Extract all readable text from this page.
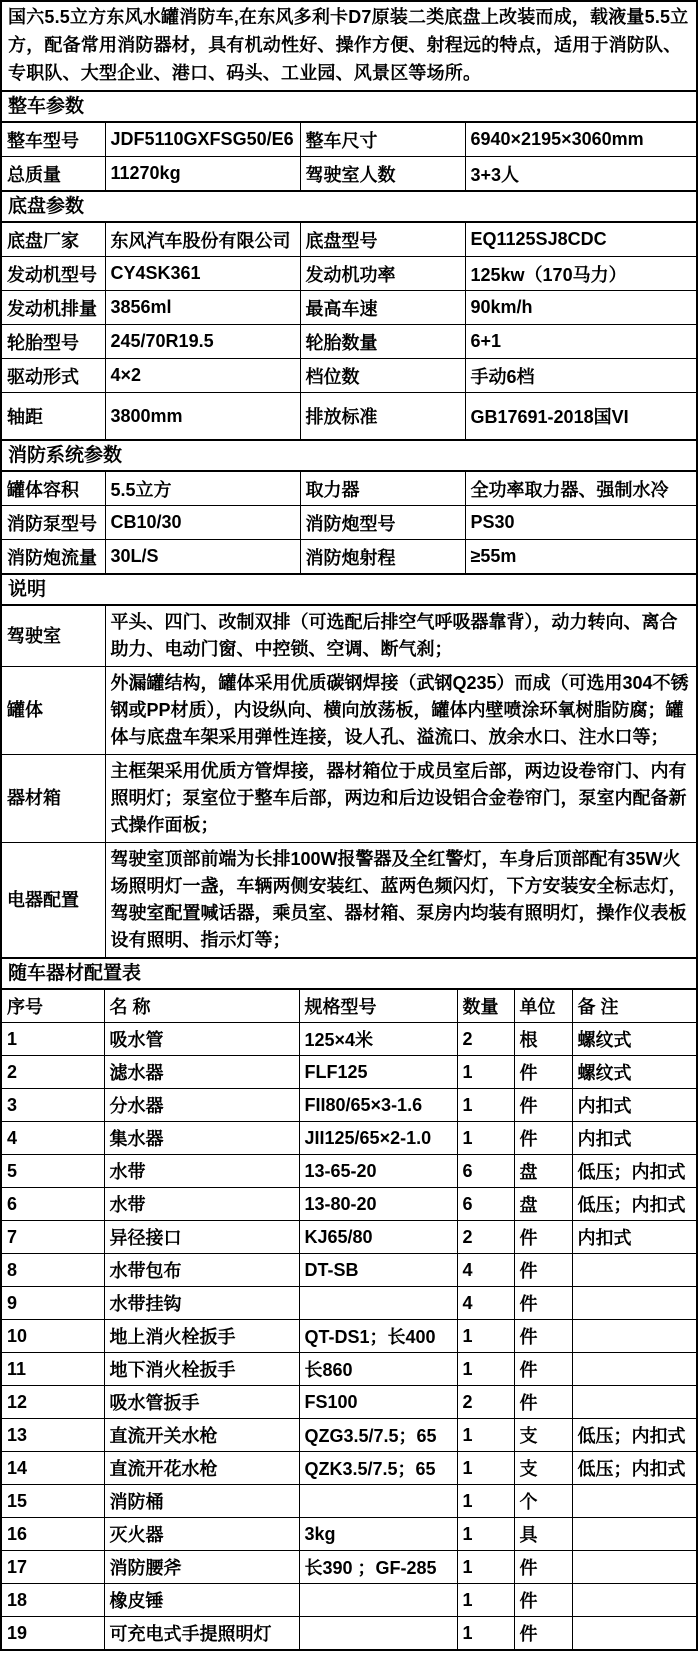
国六5.5立方东风水罐消防车,在东风多利卡D7原装二类底盘上改装而成，载液量5.5立方，配备常用消防器材，具有机动性好、操作方便、射程远的特点，适用于消防队、专职队、大型企业、港口、码头、工业园、风景区等场所。
整车参数
整车型号	JDF5110GXFSG50/E6	整车尺寸	6940×2195×3060mm
总质量	11270kg	驾驶室人数	3+3人
底盘参数
底盘厂家	东风汽车股份有限公司	底盘型号	EQ1125SJ8CDC
发动机型号	CY4SK361	发动机功率	125kw（170马力）
发动机排量	3856ml	最高车速	90km/h
轮胎型号	245/70R19.5	轮胎数量	6+1
驱动形式	4×2	档位数	手动6档
轴距	3800mm	排放标准	GB17691-2018国VI
消防系统参数
罐体容积	5.5立方	取力器	全功率取力器、强制水冷
消防泵型号	CB10/30	消防炮型号	PS30
消防炮流量	30L/S	消防炮射程	≥55m
说明
驾驶室	平头、四门、改制双排（可选配后排空气呼吸器靠背），动力转向、离合助力、电动门窗、中控锁、空调、断气刹；
罐体	外漏罐结构，罐体采用优质碳钢焊接（武钢Q235）而成（可选用304不锈钢或PP材质），内设纵向、横向放荡板，罐体内壁喷涂环氧树脂防腐；罐体与底盘车架采用弹性连接，设人孔、溢流口、放余水口、注水口等；
器材箱	主框架采用优质方管焊接，器材箱位于成员室后部，两边设卷帘门、内有照明灯；泵室位于整车后部，两边和后边设铝合金卷帘门，泵室内配备新式操作面板；
电器配置	驾驶室顶部前端为长排100W报警器及全红警灯，车身后顶部配有35W火场照明灯一盏，车辆两侧安装红、蓝两色频闪灯，下方安装安全标志灯，驾驶室配置喊话器，乘员室、器材箱、泵房内均装有照明灯，操作仪表板设有照明、指示灯等；
随车器材配置表
序号	名 称	规格型号	数量	单位	备 注
1	吸水管	125×4米	2	根	螺纹式
2	滤水器	FLF125	1	件	螺纹式
3	分水器	FII80/65×3-1.6	1	件	内扣式
4	集水器	JII125/65×2-1.0	1	件	内扣式
5	水带	13-65-20	6	盘	低压；内扣式
6	水带	13-80-20	6	盘	低压；内扣式
7	异径接口	KJ65/80	2	件	内扣式
8	水带包布	DT-SB	4	件	
9	水带挂钩		4	件	
10	地上消火栓扳手	QT-DS1；长400	1	件	
11	地下消火栓扳手	长860	1	件	
12	吸水管扳手	FS100	2	件	
13	直流开关水枪	QZG3.5/7.5；65	1	支	低压；内扣式
14	直流开花水枪	QZK3.5/7.5；65	1	支	低压；内扣式
15	消防桶		1	个	
16	灭火器	3kg	1	具	
17	消防腰斧	长390 ；GF-285	1	件	
18	橡皮锤		1	件	
19	可充电式手提照明灯		1	件	
